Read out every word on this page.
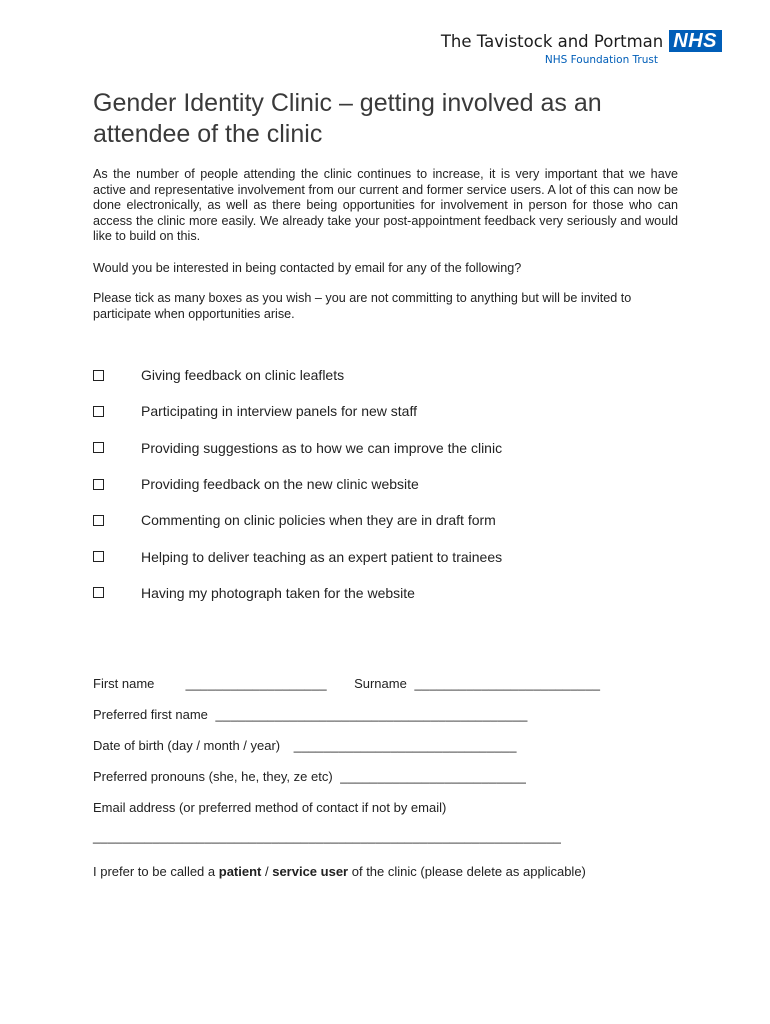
The Tavistock and Portman NHS
NHS Foundation Trust
Gender Identity Clinic – getting involved as an attendee of the clinic

As the number of people attending the clinic continues to increase, it is very important that we have active and representative involvement from our current and former service users. A lot of this can now be done electronically, as well as there being opportunities for involvement in person for those who can access the clinic more easily. We already take your post-appointment feedback very seriously and would like to build on this.

Would you be interested in being contacted by email for any of the following?

Please tick as many boxes as you wish – you are not committing to anything but will be invited to participate when opportunities arise.

Giving feedback on clinic leaflets
Participating in interview panels for new staff
Providing suggestions as to how we can improve the clinic
Providing feedback on the new clinic website
Commenting on clinic policies when they are in draft form
Helping to deliver teaching as an expert patient to trainees
Having my photograph taken for the website
First name ___________________ Surname _________________________
Preferred first name __________________________________________
Date of birth (day / month / year) ______________________________
Preferred pronouns (she, he, they, ze etc) _________________________
Email address (or preferred method of contact if not by email)
_______________________________________________________________
I prefer to be called a patient / service user of the clinic (please delete as applicable)
